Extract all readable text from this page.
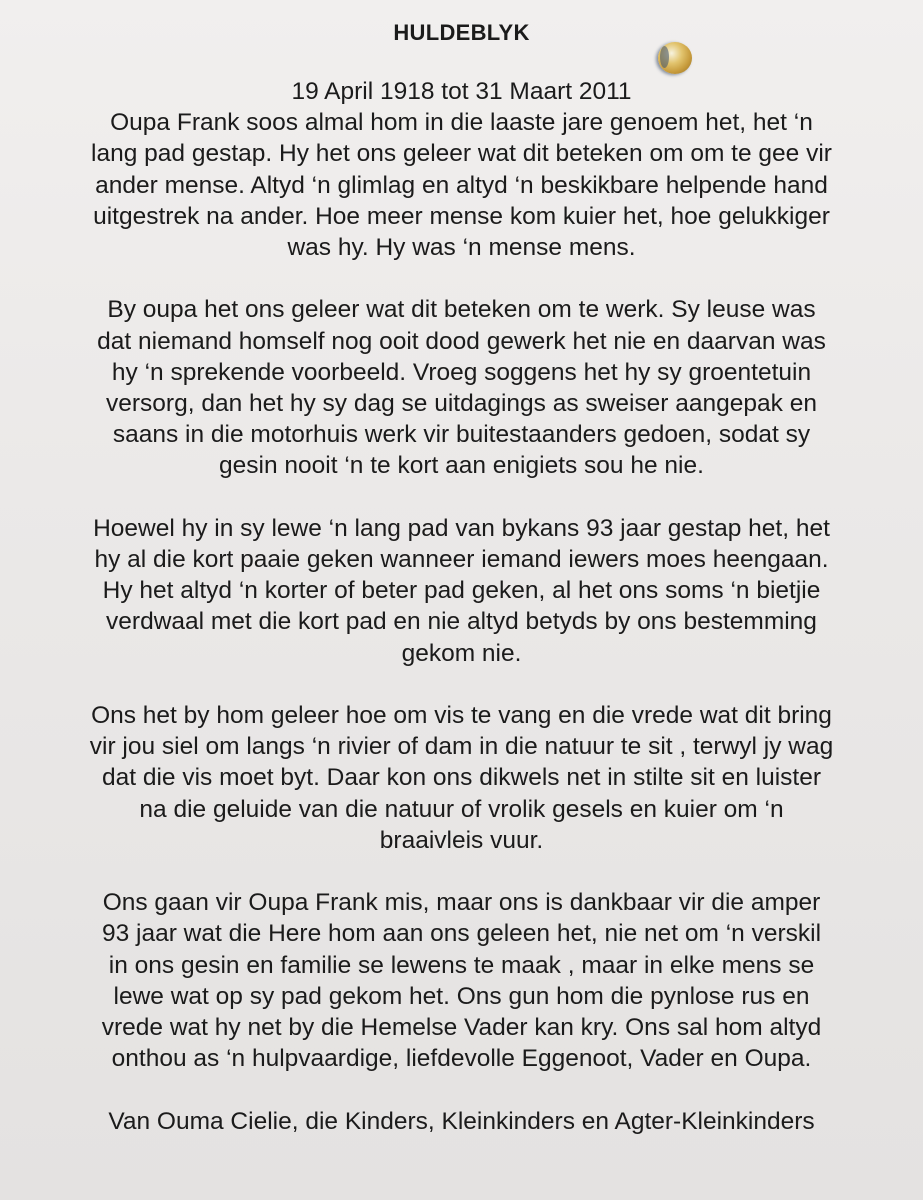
HULDEBLYK
19 April 1918 tot 31 Maart 2011
Oupa Frank soos almal hom in die laaste jare genoem het, het ‘n
lang pad gestap. Hy het ons geleer wat dit beteken om om te gee vir
ander mense. Altyd ‘n glimlag en altyd ‘n beskikbare helpende hand
uitgestrek na ander. Hoe meer mense kom kuier het, hoe gelukkiger
was hy. Hy was ‘n mense mens.
By oupa het ons geleer wat dit beteken om te werk. Sy leuse was
dat niemand homself nog ooit dood gewerk het nie en daarvan was
hy ‘n sprekende voorbeeld. Vroeg soggens het hy sy groentetuin
versorg, dan het hy sy dag se uitdagings as sweiser aangepak en
saans in die motorhuis werk vir buitestaanders gedoen, sodat sy
gesin nooit ‘n te kort aan enigiets sou he nie.
Hoewel hy in sy lewe ‘n lang pad van bykans 93 jaar gestap het, het
hy al die kort paaie geken wanneer iemand iewers moes heengaan.
Hy het altyd ‘n korter of beter pad geken, al het ons soms ‘n bietjie
verdwaal met die kort pad en nie altyd betyds by ons bestemming
gekom nie.
Ons het by hom geleer hoe om vis te vang en die vrede wat dit bring
vir jou siel om langs ‘n rivier of dam in die natuur te sit , terwyl jy wag
dat die vis moet byt. Daar kon ons dikwels net in stilte sit en luister
na die geluide van die natuur of vrolik gesels en kuier om ‘n
braaivleis vuur.
Ons gaan vir Oupa Frank mis, maar ons is dankbaar vir die amper
93 jaar wat die Here hom aan ons geleen het, nie net om ‘n verskil
in ons gesin en familie se lewens te maak , maar in elke mens se
lewe wat op sy pad gekom het. Ons gun hom die pynlose rus en
vrede wat hy net by die Hemelse Vader kan kry. Ons sal hom altyd
onthou as ‘n hulpvaardige, liefdevolle Eggenoot, Vader en Oupa.
Van Ouma Cielie, die Kinders, Kleinkinders en Agter-Kleinkinders
